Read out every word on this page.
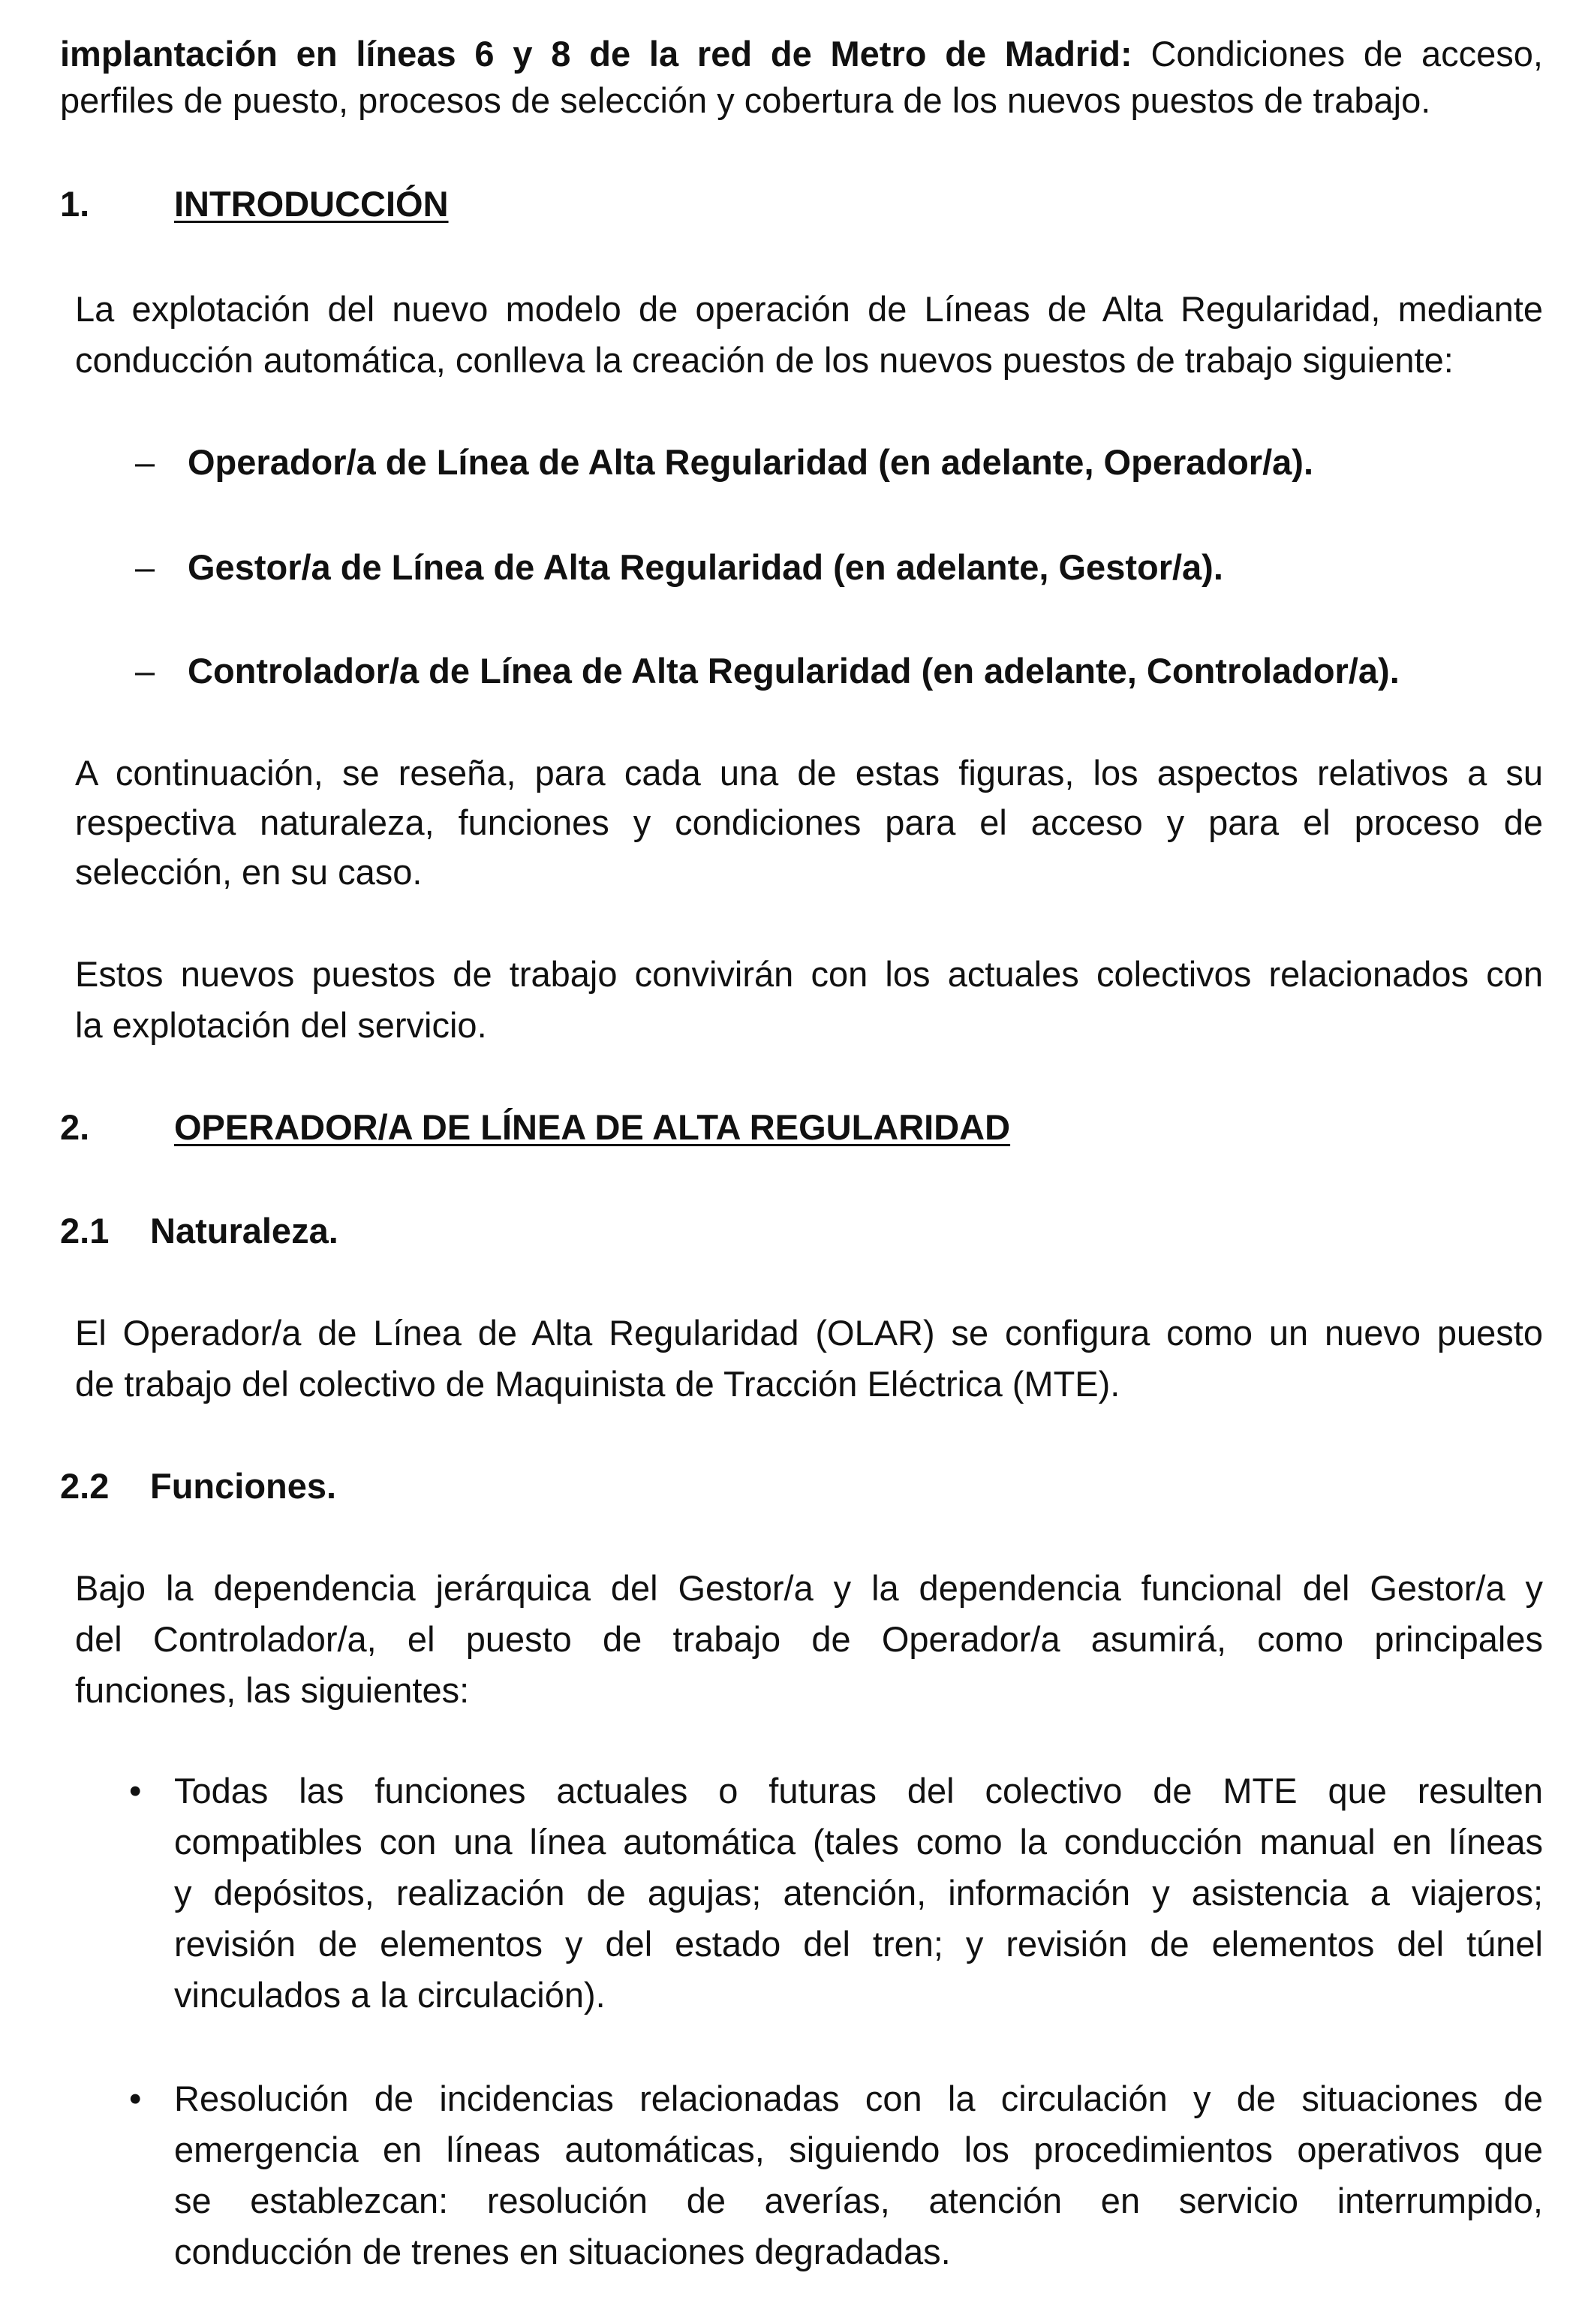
implantación en líneas 6 y 8 de la red de Metro de Madrid: Condiciones de acceso,
perfiles de puesto, procesos de selección y cobertura de los nuevos puestos de trabajo.
1. INTRODUCCIÓN
La explotación del nuevo modelo de operación de Líneas de Alta Regularidad, mediante
conducción automática, conlleva la creación de los nuevos puestos de trabajo siguiente:
– Operador/a de Línea de Alta Regularidad (en adelante, Operador/a).
– Gestor/a de Línea de Alta Regularidad (en adelante, Gestor/a).
– Controlador/a de Línea de Alta Regularidad (en adelante, Controlador/a).
A continuación, se reseña, para cada una de estas figuras, los aspectos relativos a su
respectiva naturaleza, funciones y condiciones para el acceso y para el proceso de
selección, en su caso.
Estos nuevos puestos de trabajo convivirán con los actuales colectivos relacionados con
la explotación del servicio.
2. OPERADOR/A DE LÍNEA DE ALTA REGULARIDAD
2.1 Naturaleza.
El Operador/a de Línea de Alta Regularidad (OLAR) se configura como un nuevo puesto
de trabajo del colectivo de Maquinista de Tracción Eléctrica (MTE).
2.2 Funciones.
Bajo la dependencia jerárquica del Gestor/a y la dependencia funcional del Gestor/a y
del Controlador/a, el puesto de trabajo de Operador/a asumirá, como principales
funciones, las siguientes:
• Todas las funciones actuales o futuras del colectivo de MTE que resulten
compatibles con una línea automática (tales como la conducción manual en líneas
y depósitos, realización de agujas; atención, información y asistencia a viajeros;
revisión de elementos y del estado del tren; y revisión de elementos del túnel
vinculados a la circulación).
• Resolución de incidencias relacionadas con la circulación y de situaciones de
emergencia en líneas automáticas, siguiendo los procedimientos operativos que
se establezcan: resolución de averías, atención en servicio interrumpido,
conducción de trenes en situaciones degradadas.
